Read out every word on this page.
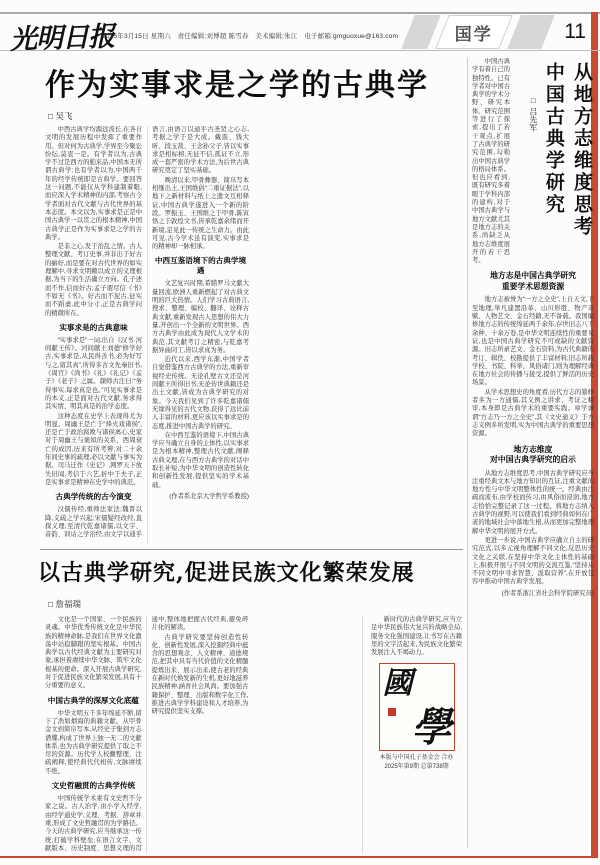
光明日报
2025年3月15日 星期六　责任编辑:刘博超 陈雪春　美术编辑:朱江　电子邮箱:gmguoxue@163.com	国学	11
作为实事求是之学的古典学
□ 吴飞

中西古典学均源远流长,在各自文明的发展历程中发挥了重要作用。但对何为古典学,学界至今聚讼纷纭,莫衷一是。有学者以为,古典学不过是西方的舶来品,中国本无所谓古典学;也有学者以为,中国两千年的经学传统即是古典学。要回答这一问题,不能仅从学科建制着眼,而应深入学术精神的内部,考察古今学者面对古代文献与古代世界的基本态度。本文以为,实事求是正是中国古典学一以贯之的根本精神,中国古典学正是作为实事求是之学的古典学。

是非之心,发于治乱之情。古人整理文献、考订史事,并非出于好古的癖好,而是要在对古代世界的如实理解中,寻求文明赖以成立的义理根据,为当下的生活确立方向。孔子述而不作,信而好古;孟子谓尽信《书》不如无《书》。好古而不泥古,征实而不蹈虚,此中分寸,正是古典学问的精微所在。

实事求是的古典意味

“实事求是”一词,出自《汉书·河间献王传》。河间献王刘德“修学好古,实事求是,从民得善书,必为好写与之,留其真”,所得多古文先秦旧书,《周官》《尚书》《礼》《礼记》《孟子》《老子》之属。颜师古注曰:“务得事实,每求真是也。”可见实事求是的本义,正是面对古代文献,务求得其实情、明其真是的治学态度。

这种态度在史学上表现得尤为明显。周幽王是亡于“烽火戏诸侯”,还是亡于政治腐败与诸侯离心,史家对于周幽王与褒姒的关系、西周衰亡的成因,历来有所考辨;对二十余年间史事的疏理,必以文献与事实为据。司马迁作《史记》,网罗天下放失旧闻,考信于六艺,折中于夫子,正是实事求是精神在史学中的典范。

古典学传统的古今演变

汉儒传经,重师法家法;魏晋以降,义疏之学兴起;宋儒疑经改经,直探义理;至清代乾嘉诸儒,以文字、音韵、训诂之学治经,由文字以通乎语言,由语言以通乎古圣贤之心志,考据之学于是大成。戴震、钱大昕、段玉裁、王念孙父子,皆以实事求是相标榜,无征不信,孤证不立,形成一套严密的学术方法,为后世古典研究奠定了坚实基础。

晚清以来,甲骨彝器、简帛写本相继出土,王国维倡“二重证据法”,以地下之新材料与纸上之遗文互相释证,中国古典学遂进入一个新的阶段。罗振玉、王国维之于甲骨,陈寅恪之于敦煌文书,皆承乾嘉余绪而开新境,足见此一传统之生命力。由此可见,古今学术虽有演变,实事求是的精神却一脉相承。

中西互鉴语境下的古典学境遇

文艺复兴时期,希腊罗马文献大量回流,欧洲人重新燃起了对古典文明的巨大热情。人们学习古典语言,搜求、整理、编校、翻译、诠释古典文献,重新发现古人思想的伟大力量,开创出一个全新的文明世界。西方古典学由此成为现代人文学术的典范,其文献考订之精密,与乾嘉考据异曲同工,皆以求真为务。

近代以来,西学东渐,中国学者自觉借鉴西方古典学的方法,重新审视经史传统。无论孔壁古文还是河间献王所得旧书,无论传世典籍还是出土文献,皆成为古典学研究的对象。今天我们见到了许多乾嘉诸儒无缘得见的古代文物,获得了远比前人丰富的材料,更应该以实事求是的态度,推进中国古典学的研究。

在中西互鉴的语境下,中国古典学应当确立自身的主体性,以实事求是为根本精神,整理古代文献,阐释古典义理,在与西方古典学的对话中取长补短,为中华文明的创造性转化和创新性发展,提供坚实的学术基础。

(作者系北京大学哲学系教授)

从地方志维度思考
中国古典学研究
□ 吕先军

中国古典学有着自己的独特性。已有学者对中国古典学的学术分野、研究本体、研究范围等进行了探索,提出了若干观点,扩展了古典学的研究范围,勾勒出中国古典学的格局体系。但也应看到,既有研究多着眼于学科内部的建构,对于中国古典学与地方文献尤其是地方志的关系,尚缺乏从地方志维度展开的若干思考。

地方志是中国古典学研究
重要学术思想资源

地方志被誉为“一方之全史”,上自天文,下至地理,举凡建置沿革、山川形胜、物产贡赋、人物艺文、金石经籍,无不备载。我国编修地方志的传统绵延两千余年,存世旧志八千余种、十余万卷,是中华文明连续性的重要见证,也是中国古典学研究不可或缺的文献资源。旧志所录艺文、金石资料,为古代典籍的考订、辑佚、校勘提供了丰富材料;旧志所载学校、书院、科举、风俗诸门,则为理解经典在地方社会的传播与接受,提供了鲜活的历史场景。

从学术思想史的角度看,历代方志的纂修者多为一方通儒,其义例之讲求、考证之精审,本身即是古典学术的重要实践。章学诚谓“方志乃一方之全史”,其《文史通义》于方志义例多所发明,实为中国古典学的重要思想资源。

地方志维度
对中国古典学研究的启示

从地方志维度思考,中国古典学研究应当注重经典文本与地方知识的互证,注重文献的地方性与中华文明整体性的统一。经典由注疏而流布,由学校而传习,由风俗而浸润,地方志恰恰完整记录了这一过程。将地方志纳入古典学的视野,可以使我们看到经典如何在广袤的地域社会中落地生根,从而更加完整地理解中华文明的展开方式。

更进一步说,中国古典学应确立自主的研究范式,以多元视角理解不同文化,反思历史文化之关联,在坚持中华文化主体性的基础上,积极开展与不同文明的交流互鉴,“坚持从不同文明中寻求智慧、汲取营养”,在开放包容中推动中国古典学发展。

(作者系浙江省社会科学院研究员)

以古典学研究,促进民族文化繁荣发展
□ 詹福瑞

文化是一个国家、一个民族的灵魂。中华优秀传统文化是中华民族的精神命脉,是我们在世界文化激荡中站稳脚跟的坚实根基。中国古典学以古代经典文献为主要研究对象,承担着赓续中华文脉、筑牢文化根基的使命。深入开展古典学研究,对于促进民族文化繁荣发展,具有十分重要的意义。

中国古典学的深厚文化底蕴

中华文明五千多年绵延不断,留下了浩如烟海的典籍文献。从甲骨金文到简帛写本,从经史子集到方志谱牒,构成了世界上独一无二的文献体系,也为古典学研究提供了取之不尽的资源。历代学人校雠整理、注疏阐释,使经典代代相传,文脉赓续不绝。

文史哲融贯的古典学传统

中国传统学术素有文史哲不分家之说。古人治学,由小学入经学,由经学通史学,义理、考据、辞章并重,形成了文史哲融贯的为学路径。今天的古典学研究,应当继承这一传统,打破学科壁垒,在语言文字、文献版本、历史制度、思想义理的贯通中,整体地把握古代经典,避免碎片化的解读。

古典学研究要坚持创造性转化、创新性发展,深入挖掘经典中蕴含的思想观念、人文精神、道德规范,把其中具有当代价值的文化精髓提炼出来、展示出来,使古老的经典在新时代焕发新的生机,更好地滋养民族精神,涵育社会风尚。要加强古籍保护、整理、出版和数字化工作,推进古典学学科建设和人才培养,为研究提供坚实支撑。

新时代的古典学研究,应当立足中华民族伟大复兴的战略全局,服务文化强国建设,让书写在古籍里的文字活起来,为民族文化繁荣发展注入不竭动力。

國
學
本版与中国孔子基金会 合办
2025年第9期 总第738期
